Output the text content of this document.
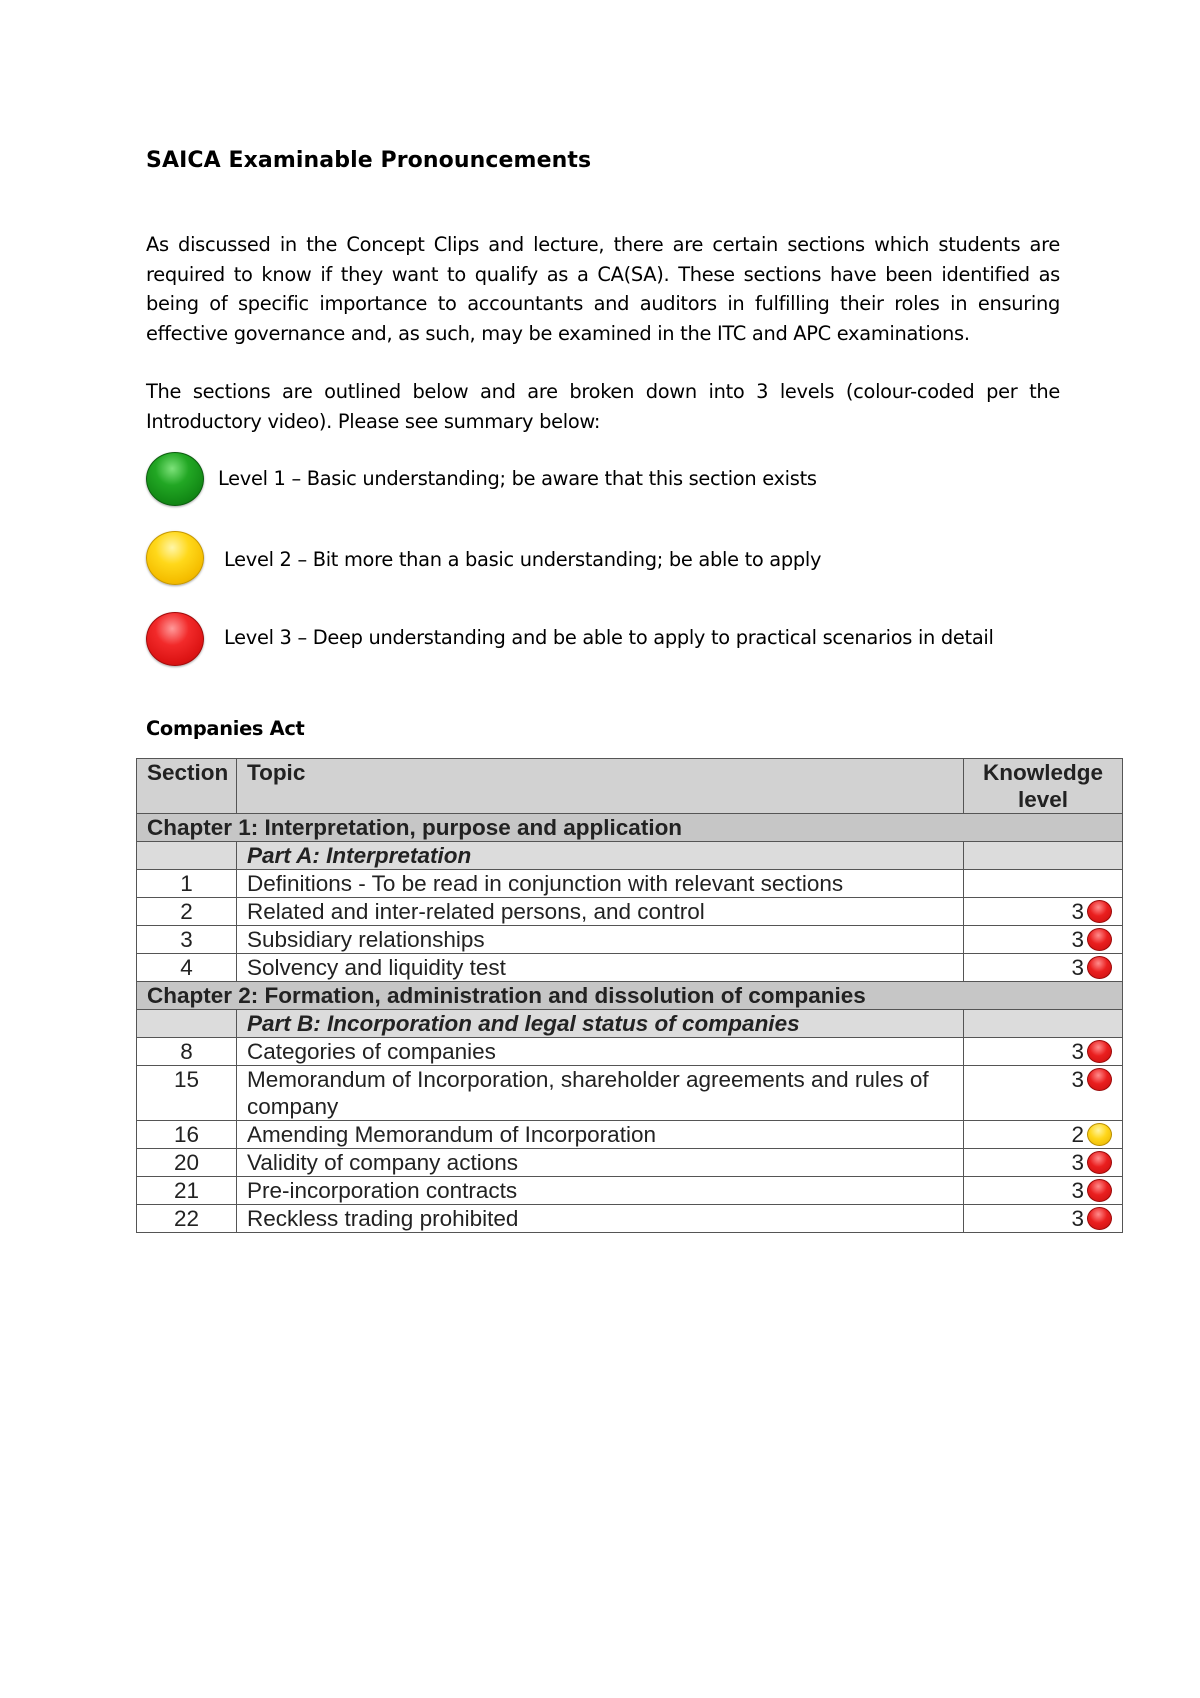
SAICA Examinable Pronouncements

As discussed in the Concept Clips and lecture, there are certain sections which students are required to know if they want to qualify as a CA(SA). These sections have been identified as being of specific importance to accountants and auditors in fulfilling their roles in ensuring effective governance and, as such, may be examined in the ITC and APC examinations.

The sections are outlined below and are broken down into 3 levels (colour-coded per the Introductory video). Please see summary below:

Level 1 – Basic understanding; be aware that this section exists
Level 2 – Bit more than a basic understanding; be able to apply
Level 3 – Deep understanding and be able to apply to practical scenarios in detail
Companies Act
Section	Topic	Knowledge
level
Chapter 1: Interpretation, purpose and application		
	Part A: Interpretation	
1	Definitions - To be read in conjunction with relevant sections	
2	Related and inter-related persons, and control	3
3	Subsidiary relationships	3
4	Solvency and liquidity test	3
Chapter 2: Formation, administration and dissolution of companies		
	Part B: Incorporation and legal status of companies	
8	Categories of companies	3
15	Memorandum of Incorporation, shareholder agreements and rules of company	3
16	Amending Memorandum of Incorporation	2
20	Validity of company actions	3
21	Pre-incorporation contracts	3
22	Reckless trading prohibited	3
